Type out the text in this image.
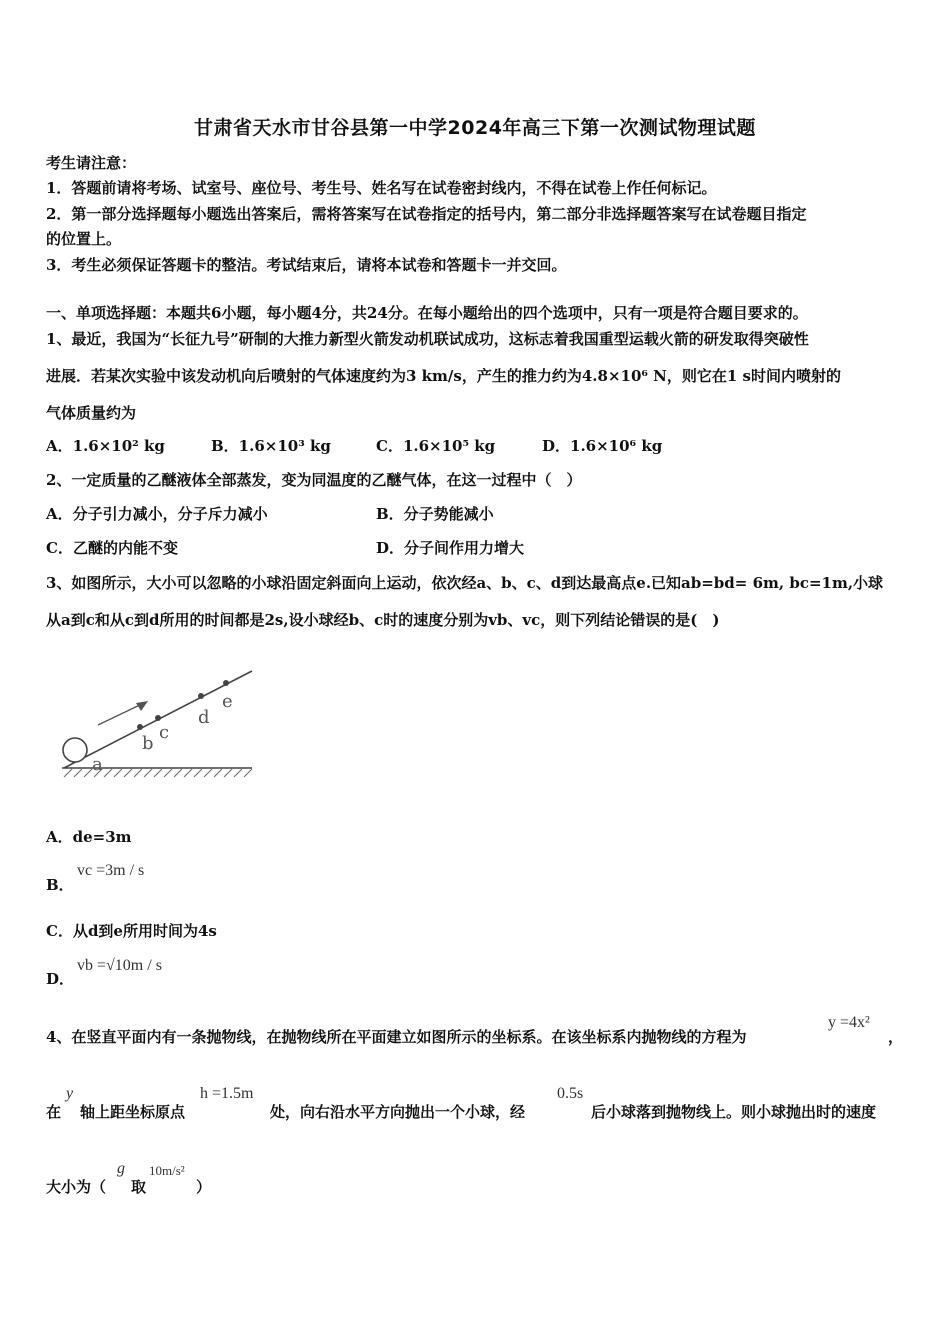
甘肃省天水市甘谷县第一中学2024年高三下第一次测试物理试题
考生请注意：
1．答题前请将考场、试室号、座位号、考生号、姓名写在试卷密封线内，不得在试卷上作任何标记。
2．第一部分选择题每小题选出答案后，需将答案写在试卷指定的括号内，第二部分非选择题答案写在试卷题目指定
的位置上。
3．考生必须保证答题卡的整洁。考试结束后，请将本试卷和答题卡一并交回。
一、单项选择题：本题共6小题，每小题4分，共24分。在每小题给出的四个选项中，只有一项是符合题目要求的。
1、最近，我国为“长征九号”研制的大推力新型火箭发动机联试成功，这标志着我国重型运载火箭的研发取得突破性
进展．若某次实验中该发动机向后喷射的气体速度约为3 km/s，产生的推力约为4.8×10⁶ N，则它在1 s时间内喷射的
气体质量约为
A．1.6×10² kg	B．1.6×10³ kg	C．1.6×10⁵ kg	D．1.6×10⁶ kg
2、一定质量的乙醚液体全部蒸发，变为同温度的乙醚气体，在这一过程中（　）
A．分子引力减小，分子斥力减小	B．分子势能减小
C．乙醚的内能不变	D．分子间作用力增大
3、如图所示，大小可以忽略的小球沿固定斜面向上运动，依次经a、b、c、d到达最高点e.已知ab=bd= 6m, bc=1m,小球
从a到c和从c到d所用的时间都是2s,设小球经b、c时的速度分别为vb、vc，则下列结论错误的是(　)
a
b
c
d
e
A．de=3m
B．
vc =3m / s
C．从d到e所用时间为4s
D．
vb =√10m / s
4、在竖直平面内有一条抛物线，在抛物线所在平面建立如图所示的坐标系。在该坐标系内抛物线的方程为
y =4x²
，
在
y
轴上距坐标原点
h =1.5m
处，向右沿水平方向抛出一个小球，经
0.5s
后小球落到抛物线上。则小球抛出时的速度
大小为（
g
取
10m/s²
）
